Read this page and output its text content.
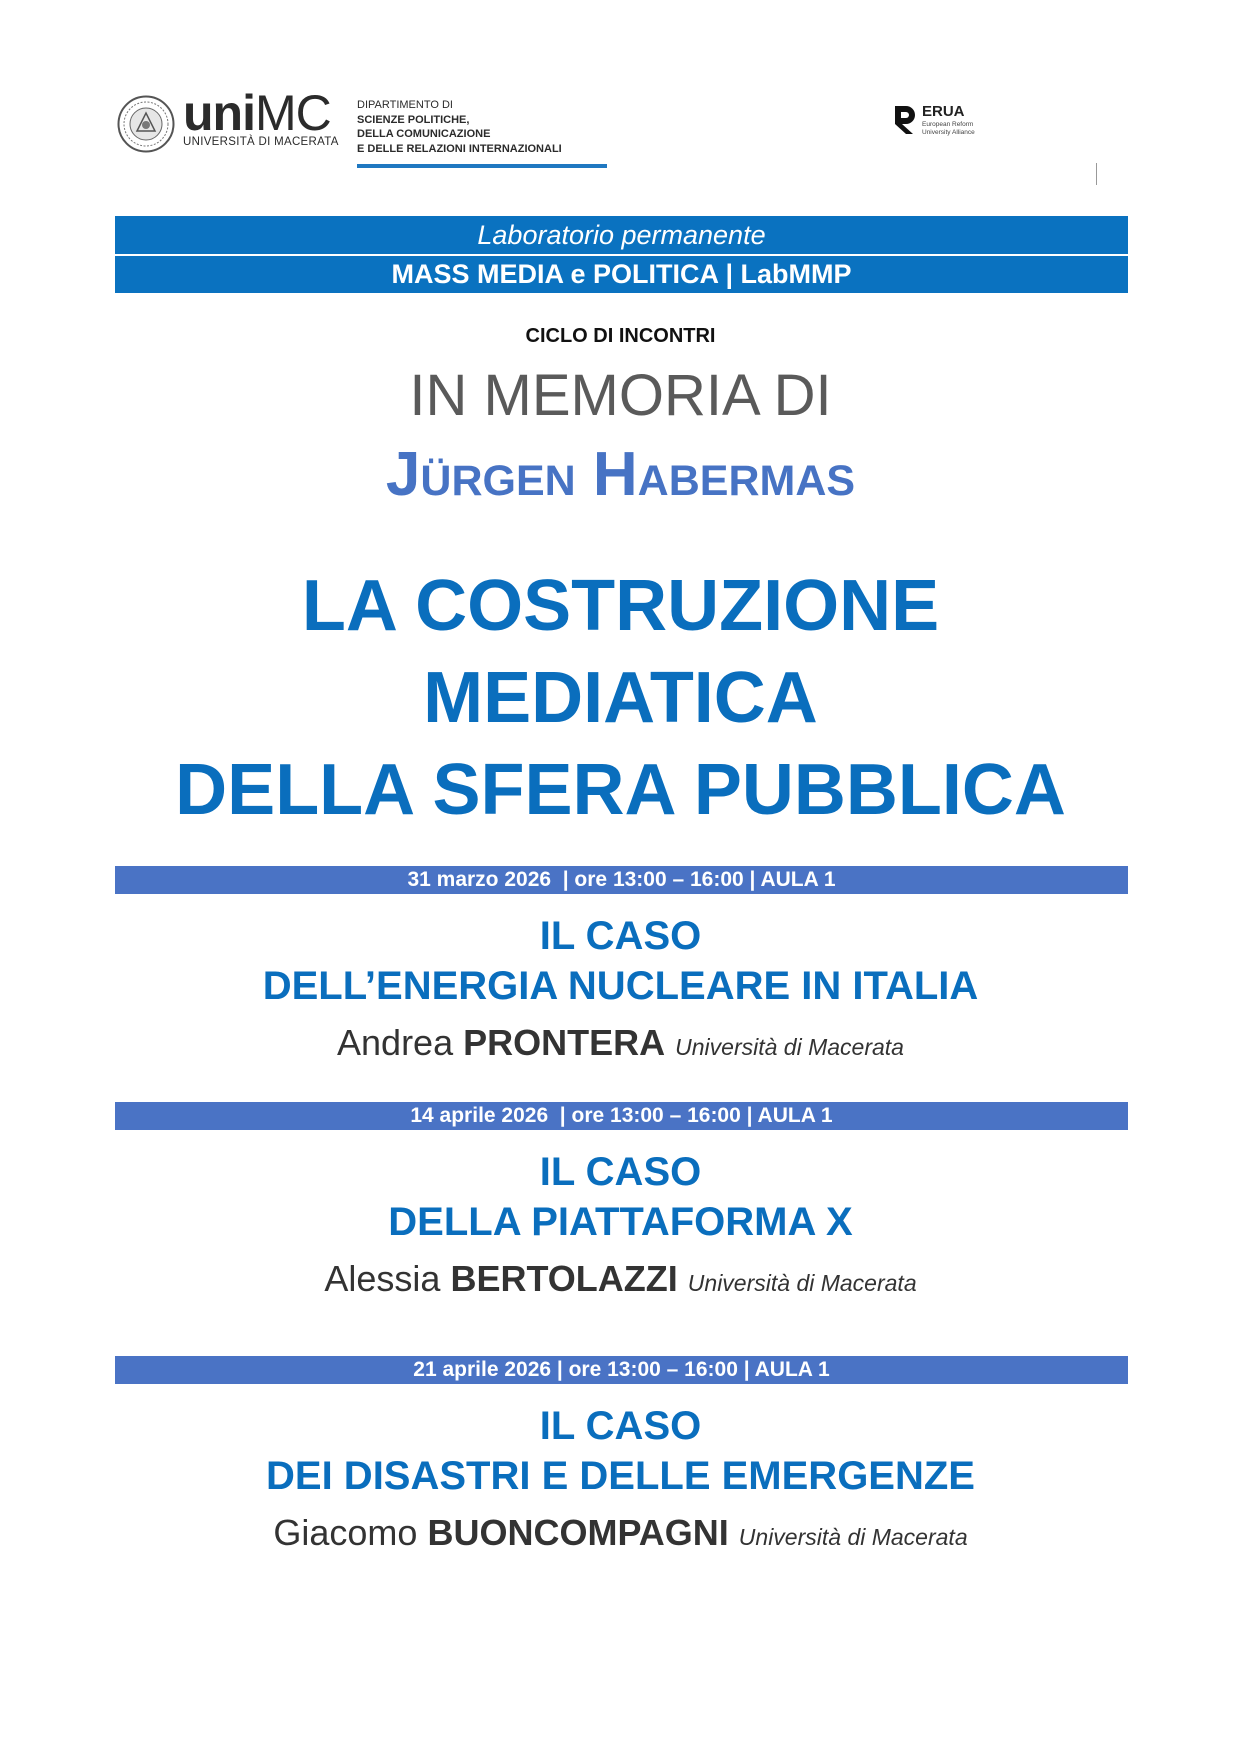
uniMC
UNIVERSITÀ DI MACERATA
DIPARTIMENTO DI
SCIENZE POLITICHE,
DELLA COMUNICAZIONE
E DELLE RELAZIONI INTERNAZIONALI
ERUA
European Reform
University Alliance
Laboratorio permanente
MASS MEDIA e POLITICA | LabMMP
CICLO DI INCONTRI
IN MEMORIA DI
Jürgen Habermas
LA COSTRUZIONE
MEDIATICA
DELLA SFERA PUBBLICA
31 marzo 2026  | ore 13:00 – 16:00 | AULA 1
IL CASO
DELL’ENERGIA NUCLEARE IN ITALIA
Andrea PRONTERA Università di Macerata
14 aprile 2026  | ore 13:00 – 16:00 | AULA 1
IL CASO
DELLA PIATTAFORMA X
Alessia BERTOLAZZI Università di Macerata
21 aprile 2026 | ore 13:00 – 16:00 | AULA 1
IL CASO
DEI DISASTRI E DELLE EMERGENZE
Giacomo BUONCOMPAGNI Università di Macerata
